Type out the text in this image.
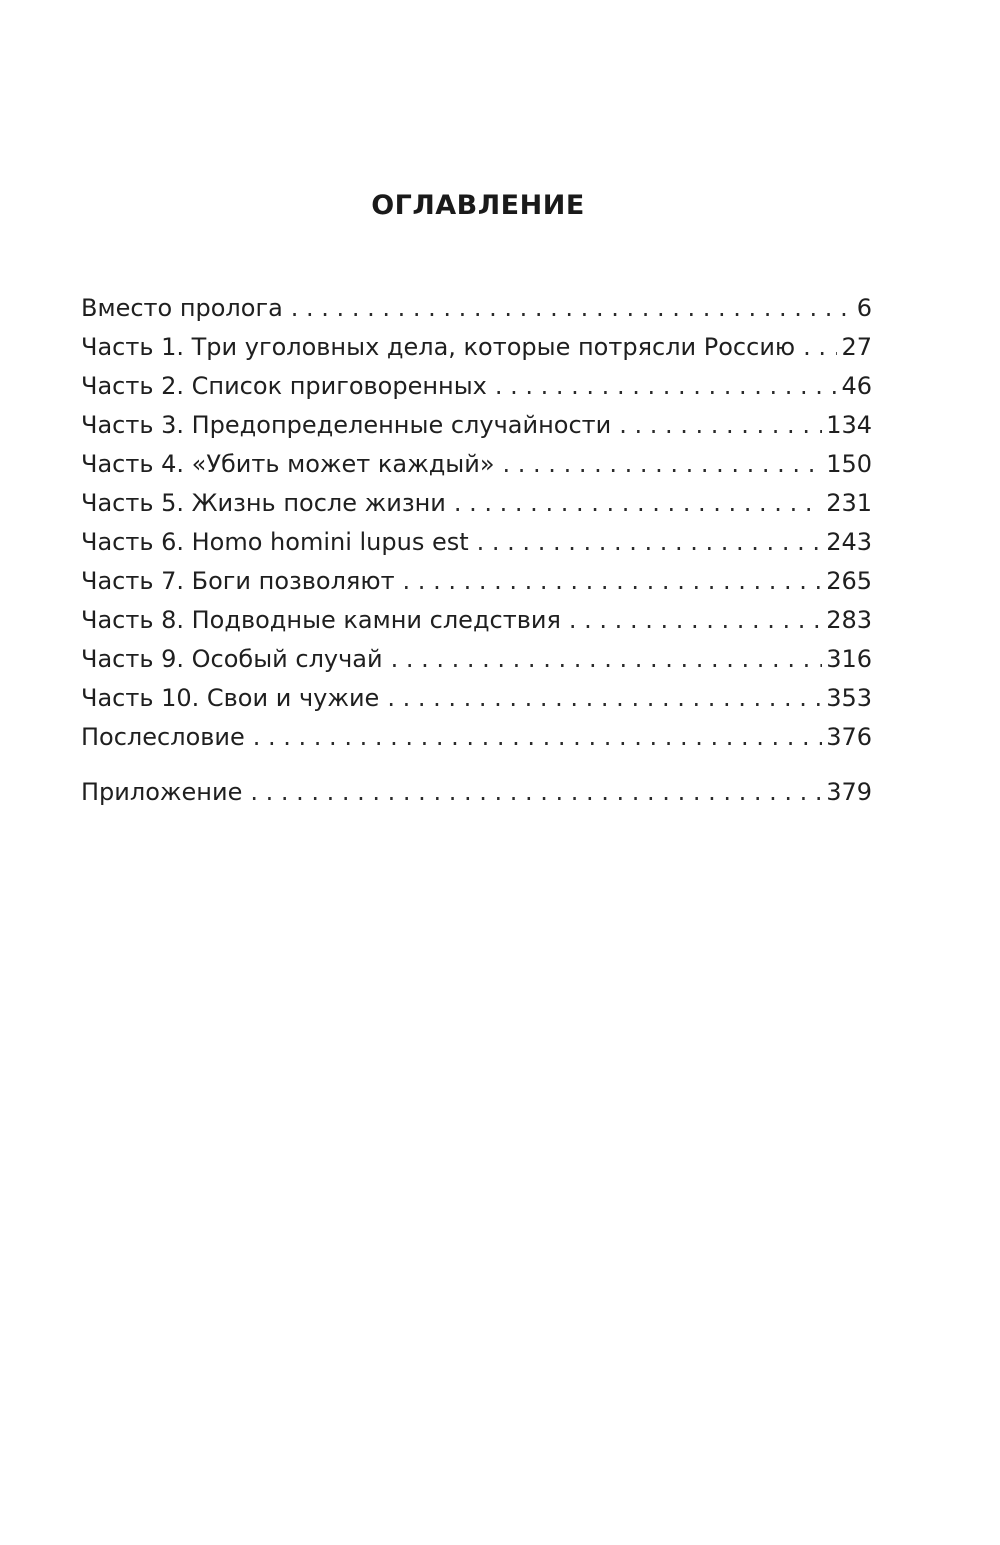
ОГЛАВЛЕНИЕ
Вместо пролога . . .	6
Часть 1. Три уголовных дела, которые потрясли Россию . . .	27
Часть 2. Список приговоренных . . .	46
Часть 3. Предопределенные случайности . . .	134
Часть 4. «Убить может каждый» . . .	150
Часть 5. Жизнь после жизни . . .	231
Часть 6. Homo homini lupus est . . .	243
Часть 7. Боги позволяют . . .	265
Часть 8. Подводные камни следствия . . .	283
Часть 9. Особый случай . . .	316
Часть 10. Свои и чужие . . .	353
Послесловие . . .	376
Приложение . . .	379
